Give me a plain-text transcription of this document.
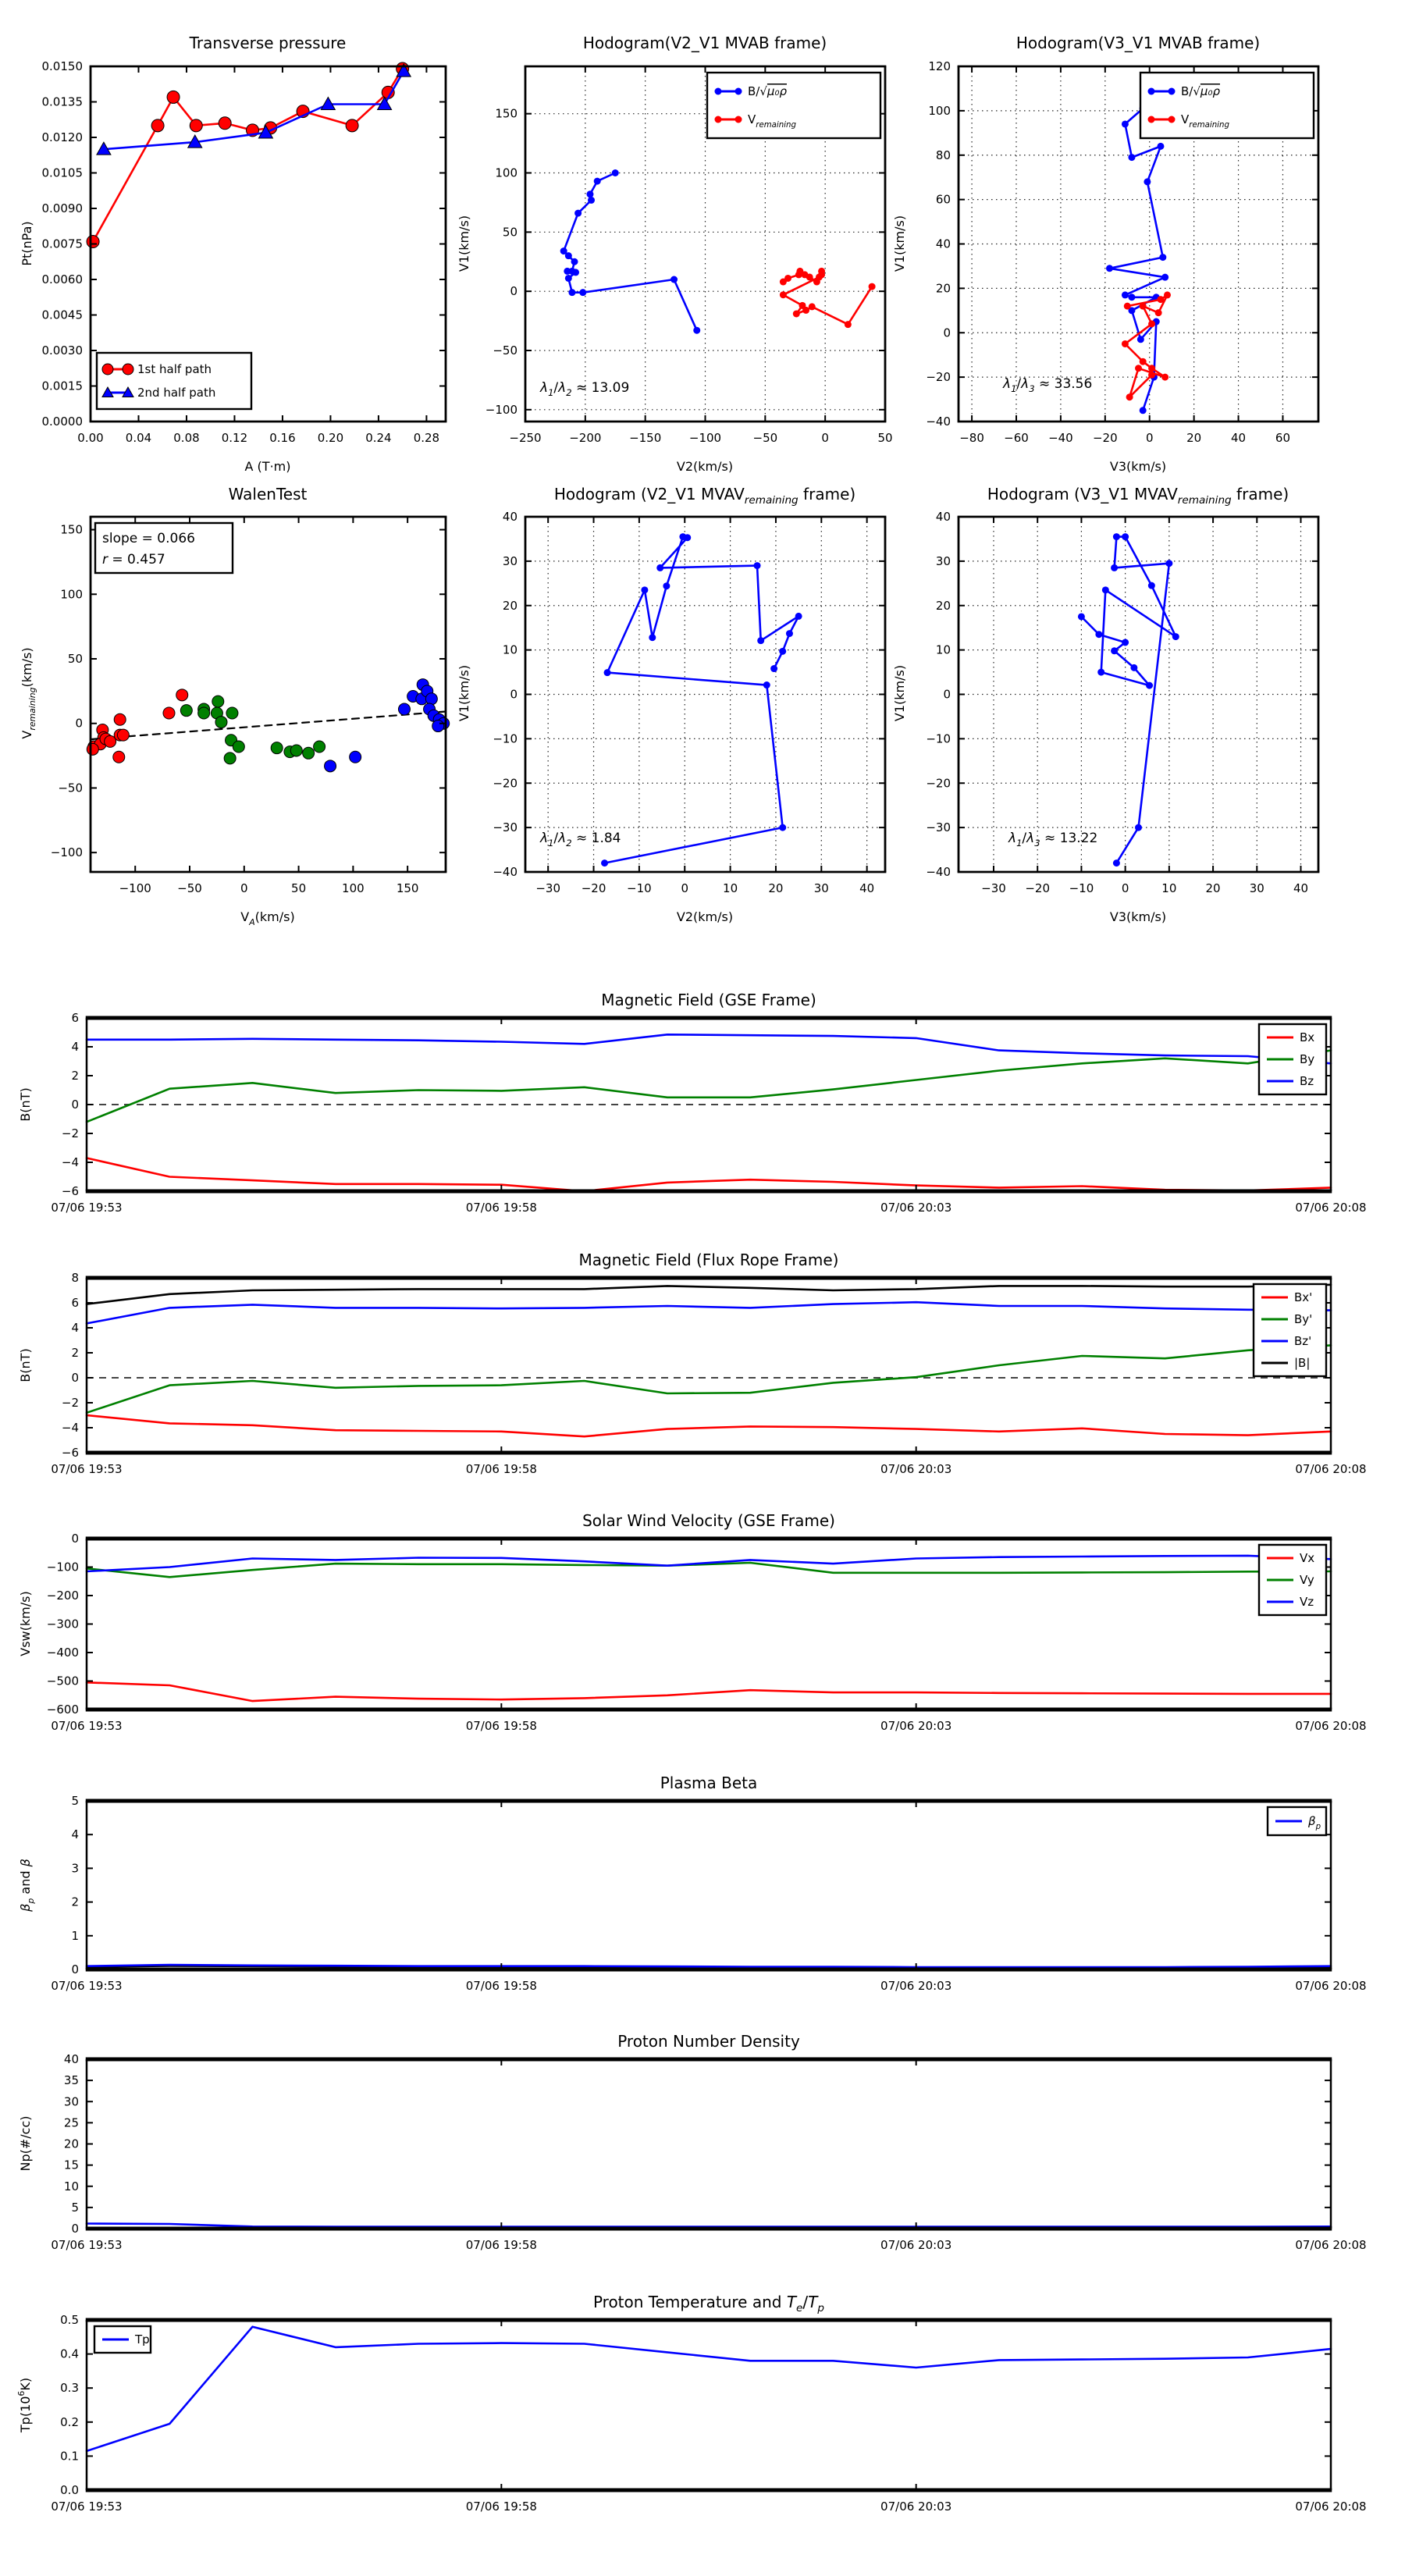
0.00 0.04 0.08 0.12 0.16 0.20 0.24 0.28
0.0000
0.0015
0.0030
0.0045
0.0060
0.0075
0.0090
0.0105
0.0120
0.0135
0.0150
Transverse pressure
A (T·m)
Pt(nPa)
1st half path
2nd half path
−250 −200 −150 −100	−50	0	50
−100
−50
0
50
100
150
Hodogram(V2_V1 MVAB frame)
V2(km/s)
V1(km/s)
$\lambda_1/\lambda_2 \approx 13.09$
B/√μ₀ρ
$V_{remaining}$
−80 −60 −40 −20 0	20	40	60
−40
−20
0
20
40
60
80
100
120
Hodogram(V3_V1 MVAB frame)
V3(km/s)
V1(km/s)
$\lambda_1/\lambda_3 \approx 33.56$
B/√μ₀ρ
$V_{remaining}$
−100 −50	0	50	100	150
−100
−50
0
50
100
150
WalenTest
$V_A(km/s)$
$V_{remaining}(km/s)$
slope = 0.066
r = 0.457
−30 −20 −10	0	10	20	30	40
−40
−30
−20
−10
0
10
20
30
40
Hodogram (V2_V1 $MVAV_{remaining}$ frame)
V2(km/s)
V1(km/s)
$\lambda_1/\lambda_2 \approx 1.84$
−30 −20 −10 0	10 20 30 40
−40
−30
−20
−10
0
10
20
30
40
Hodogram (V3_V1 $MVAV_{remaining}$ frame)
V3(km/s)
V1(km/s)
$\lambda_1/\lambda_3 \approx 13.22$
07/06 19:53	07/06 19:58	07/06 20:03	07/06 20:08
−6
−4
−2
0
2
4
6
Magnetic Field (GSE Frame)
B(nT)
Bx
By
Bz
07/06 19:53	07/06 19:58	07/06 20:03	07/06 20:08
−6
−4
−2
0
2
4
6
8
Magnetic Field (Flux Rope Frame)
B(nT)
Bx'
By'
Bz'
|B|
07/06 19:53	07/06 19:58	07/06 20:03	07/06 20:08
−600
−500
−400
−300
−200
−100
0
Solar Wind Velocity (GSE Frame)
Vsw(km/s)
Vx
Vy
Vz
07/06 19:53	07/06 19:58	07/06 20:03	07/06 20:08
0
1
2
3
4
5
Plasma Beta
$\beta_p$ and β
$\beta_p$
07/06 19:53	07/06 19:58	07/06 20:03	07/06 20:08
0
5
10
15
20
25
30
35
40
Proton Number Density
Np(#/cc)
07/06 19:53	07/06 19:58	07/06 20:03	07/06 20:08
0.0
0.1
0.2
0.3
0.4
0.5
Proton Temperature and $T_e/T_p$
$Tp(10^6K)$
Tp
